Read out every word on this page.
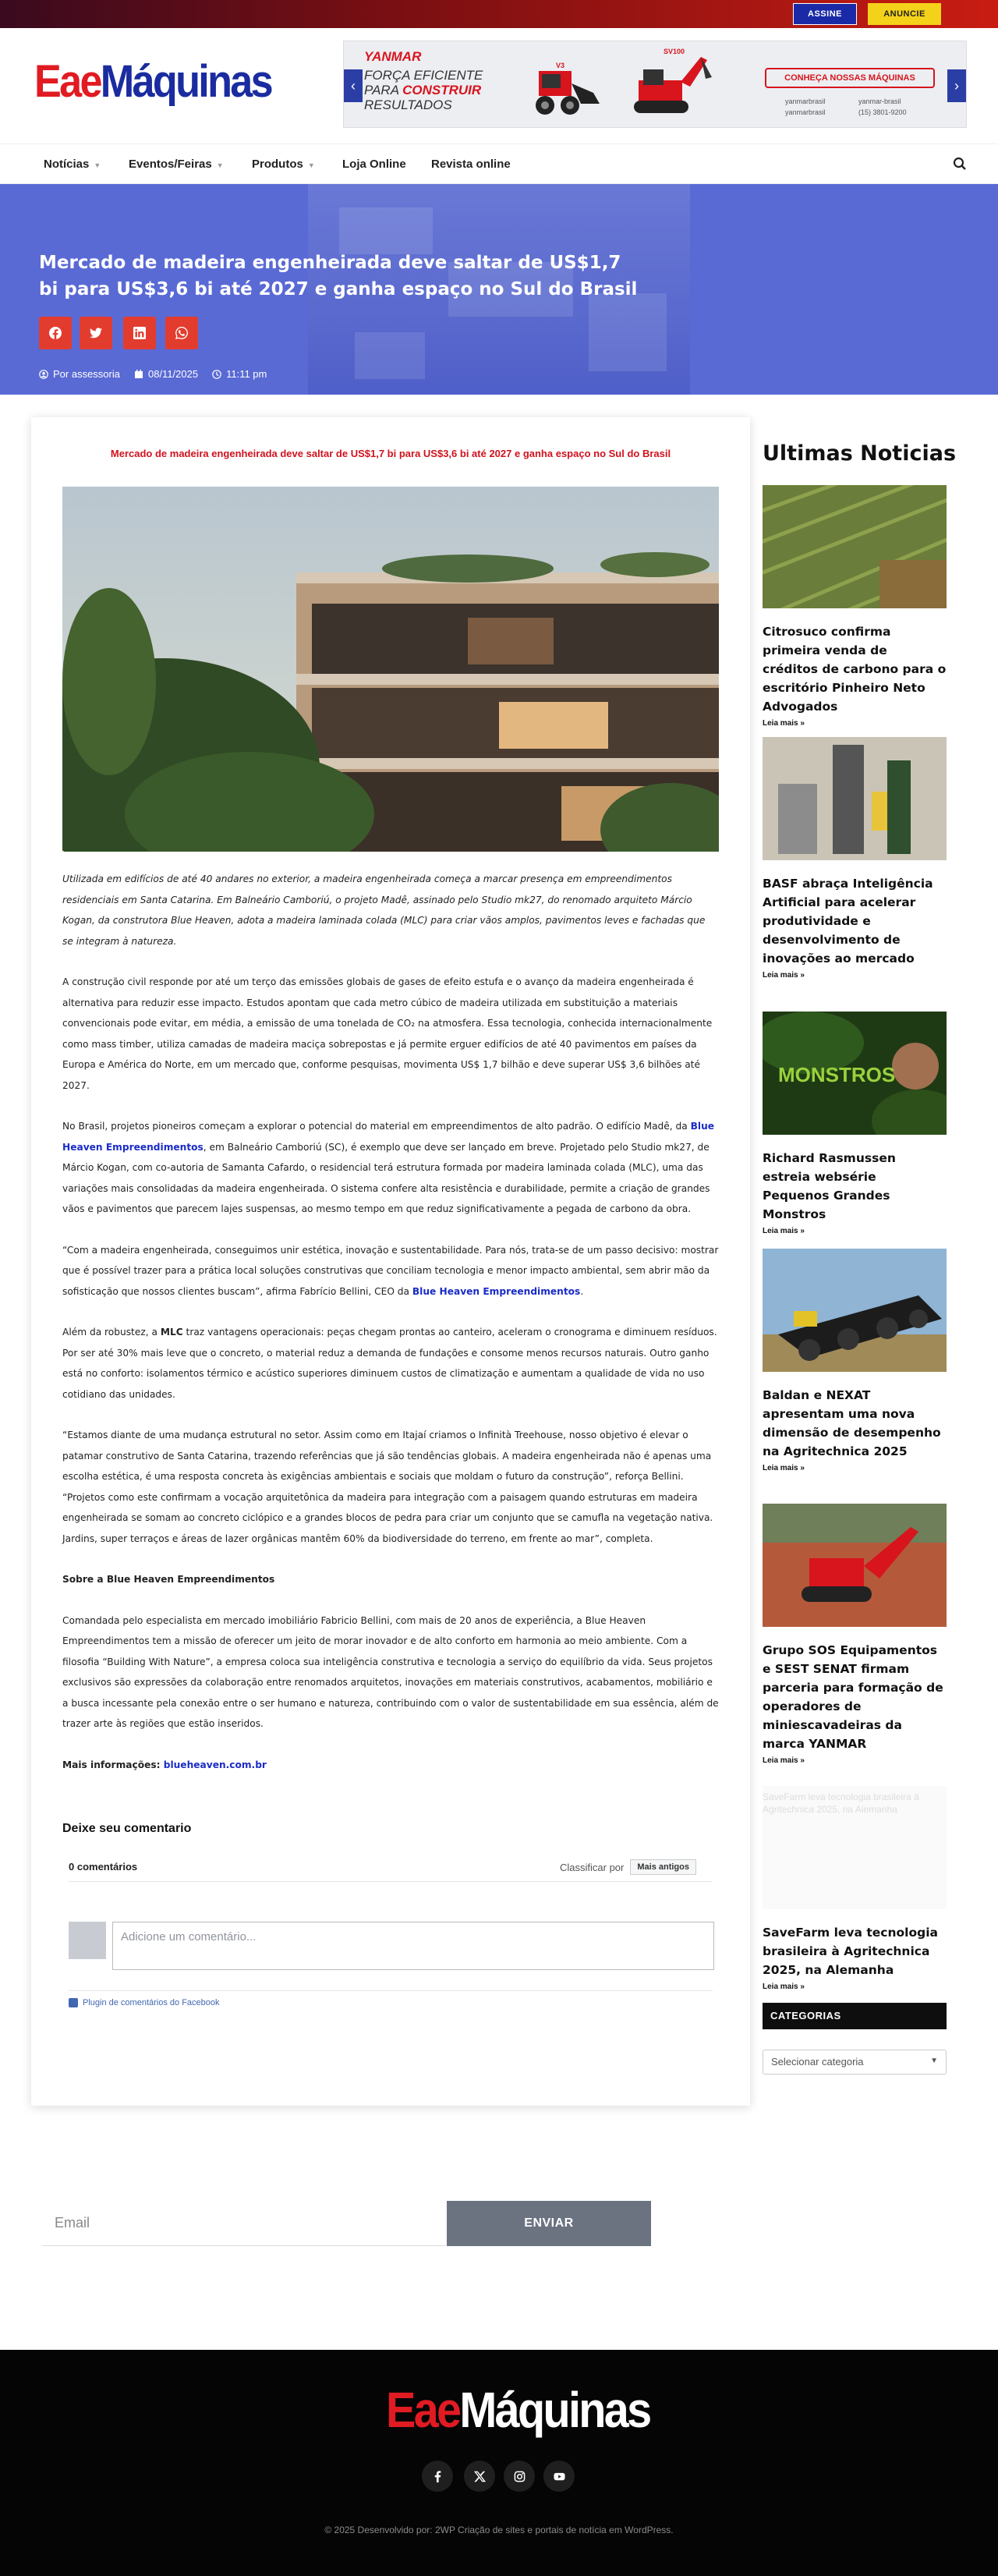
ASSINE	ANUNCIE
EaeMáquinas	‹	›
YANMAR
FORÇA EFICIENTE
PARA CONSTRUIR
RESULTADOS
V3
SV100
CONHEÇA NOSSAS MÁQUINAS
yanmarbrasil	yanmar-brasil
yanmarbrasil	(15) 3801-9200
Notícias ▼ Eventos/Feiras ▼ Produtos ▼ Loja Online Revista online
Mercado de madeira engenheirada deve saltar de US$1,7 bi para US$3,6 bi até 2027 e ganha espaço no Sul do Brasil
Por assessoria	08/11/2025	11:11 pm
Mercado de madeira engenheirada deve saltar de US$1,7 bi para US$3,6 bi até 2027 e ganha espaço no Sul do Brasil

Utilizada em edifícios de até 40 andares no exterior, a madeira engenheirada começa a marcar presença em empreendimentos residenciais em Santa Catarina. Em Balneário Camboriú, o projeto Madê, assinado pelo Studio mk27, do renomado arquiteto Márcio Kogan, da construtora Blue Heaven, adota a madeira laminada colada (MLC) para criar vãos amplos, pavimentos leves e fachadas que se integram à natureza.

A construção civil responde por até um terço das emissões globais de gases de efeito estufa e o avanço da madeira engenheirada é alternativa para reduzir esse impacto. Estudos apontam que cada metro cúbico de madeira utilizada em substituição a materiais convencionais pode evitar, em média, a emissão de uma tonelada de CO₂ na atmosfera. Essa tecnologia, conhecida internacionalmente como mass timber, utiliza camadas de madeira maciça sobrepostas e já permite erguer edifícios de até 40 pavimentos em países da Europa e América do Norte, em um mercado que, conforme pesquisas, movimenta US$ 1,7 bilhão e deve superar US$ 3,6 bilhões até 2027.

No Brasil, projetos pioneiros começam a explorar o potencial do material em empreendimentos de alto padrão. O edifício Madê, da Blue Heaven Empreendimentos, em Balneário Camboriú (SC), é exemplo que deve ser lançado em breve. Projetado pelo Studio mk27, de Márcio Kogan, com co-autoria de Samanta Cafardo, o residencial terá estrutura formada por madeira laminada colada (MLC), uma das variações mais consolidadas da madeira engenheirada. O sistema confere alta resistência e durabilidade, permite a criação de grandes vãos e pavimentos que parecem lajes suspensas, ao mesmo tempo em que reduz significativamente a pegada de carbono da obra.

“Com a madeira engenheirada, conseguimos unir estética, inovação e sustentabilidade. Para nós, trata-se de um passo decisivo: mostrar que é possível trazer para a prática local soluções construtivas que conciliam tecnologia e menor impacto ambiental, sem abrir mão da sofisticação que nossos clientes buscam”, afirma Fabrício Bellini, CEO da Blue Heaven Empreendimentos.

Além da robustez, a MLC traz vantagens operacionais: peças chegam prontas ao canteiro, aceleram o cronograma e diminuem resíduos. Por ser até 30% mais leve que o concreto, o material reduz a demanda de fundações e consome menos recursos naturais. Outro ganho está no conforto: isolamentos térmico e acústico superiores diminuem custos de climatização e aumentam a qualidade de vida no uso cotidiano das unidades.

“Estamos diante de uma mudança estrutural no setor. Assim como em Itajaí criamos o Infinità Treehouse, nosso objetivo é elevar o patamar construtivo de Santa Catarina, trazendo referências que já são tendências globais. A madeira engenheirada não é apenas uma escolha estética, é uma resposta concreta às exigências ambientais e sociais que moldam o futuro da construção”, reforça Bellini. “Projetos como este confirmam a vocação arquitetônica da madeira para integração com a paisagem quando estruturas em madeira engenheirada se somam ao concreto ciclópico e a grandes blocos de pedra para criar um conjunto que se camufla na vegetação nativa. Jardins, super terraços e áreas de lazer orgânicas mantêm 60% da biodiversidade do terreno, em frente ao mar”, completa.

Sobre a Blue Heaven Empreendimentos

Comandada pelo especialista em mercado imobiliário Fabricio Bellini, com mais de 20 anos de experiência, a Blue Heaven Empreendimentos tem a missão de oferecer um jeito de morar inovador e de alto conforto em harmonia ao meio ambiente. Com a filosofia “Building With Nature”, a empresa coloca sua inteligência construtiva e tecnologia a serviço do equilíbrio da vida. Seus projetos exclusivos são expressões da colaboração entre renomados arquitetos, inovações em materiais construtivos, acabamentos, mobiliário e a busca incessante pela conexão entre o ser humano e natureza, contribuindo com o valor de sustentabilidade em sua essência, além de trazer arte às regiões que estão inseridos.

Mais informações: blueheaven.com.br

Deixe seu comentario
0 comentários	Classificar por	Mais antigos
Adicione um comentário...
Plugin de comentários do Facebook
Ultimas Noticias
Citrosuco confirma primeira venda de créditos de carbono para o escritório Pinheiro Neto Advogados
Leia mais »
BASF abraça Inteligência Artificial para acelerar produtividade e desenvolvimento de inovações ao mercado
Leia mais »
MONSTROS
Richard Rasmussen estreia websérie Pequenos Grandes Monstros
Leia mais »
Baldan e NEXAT apresentam uma nova dimensão de desempenho na Agritechnica 2025
Leia mais »
Grupo SOS Equipamentos e SEST SENAT firmam parceria para formação de operadores de miniescavadeiras da marca YANMAR
Leia mais »
SaveFarm leva tecnologia brasileira à Agritechnica 2025, na Alemanha
SaveFarm leva tecnologia brasileira à Agritechnica 2025, na Alemanha
Leia mais »
CATEGORIAS
Selecionar categoria	▼
Email	ENVIAR
EaeMáquinas
© 2025 Desenvolvido por: 2WP Criação de sites e portais de notícia em WordPress.
